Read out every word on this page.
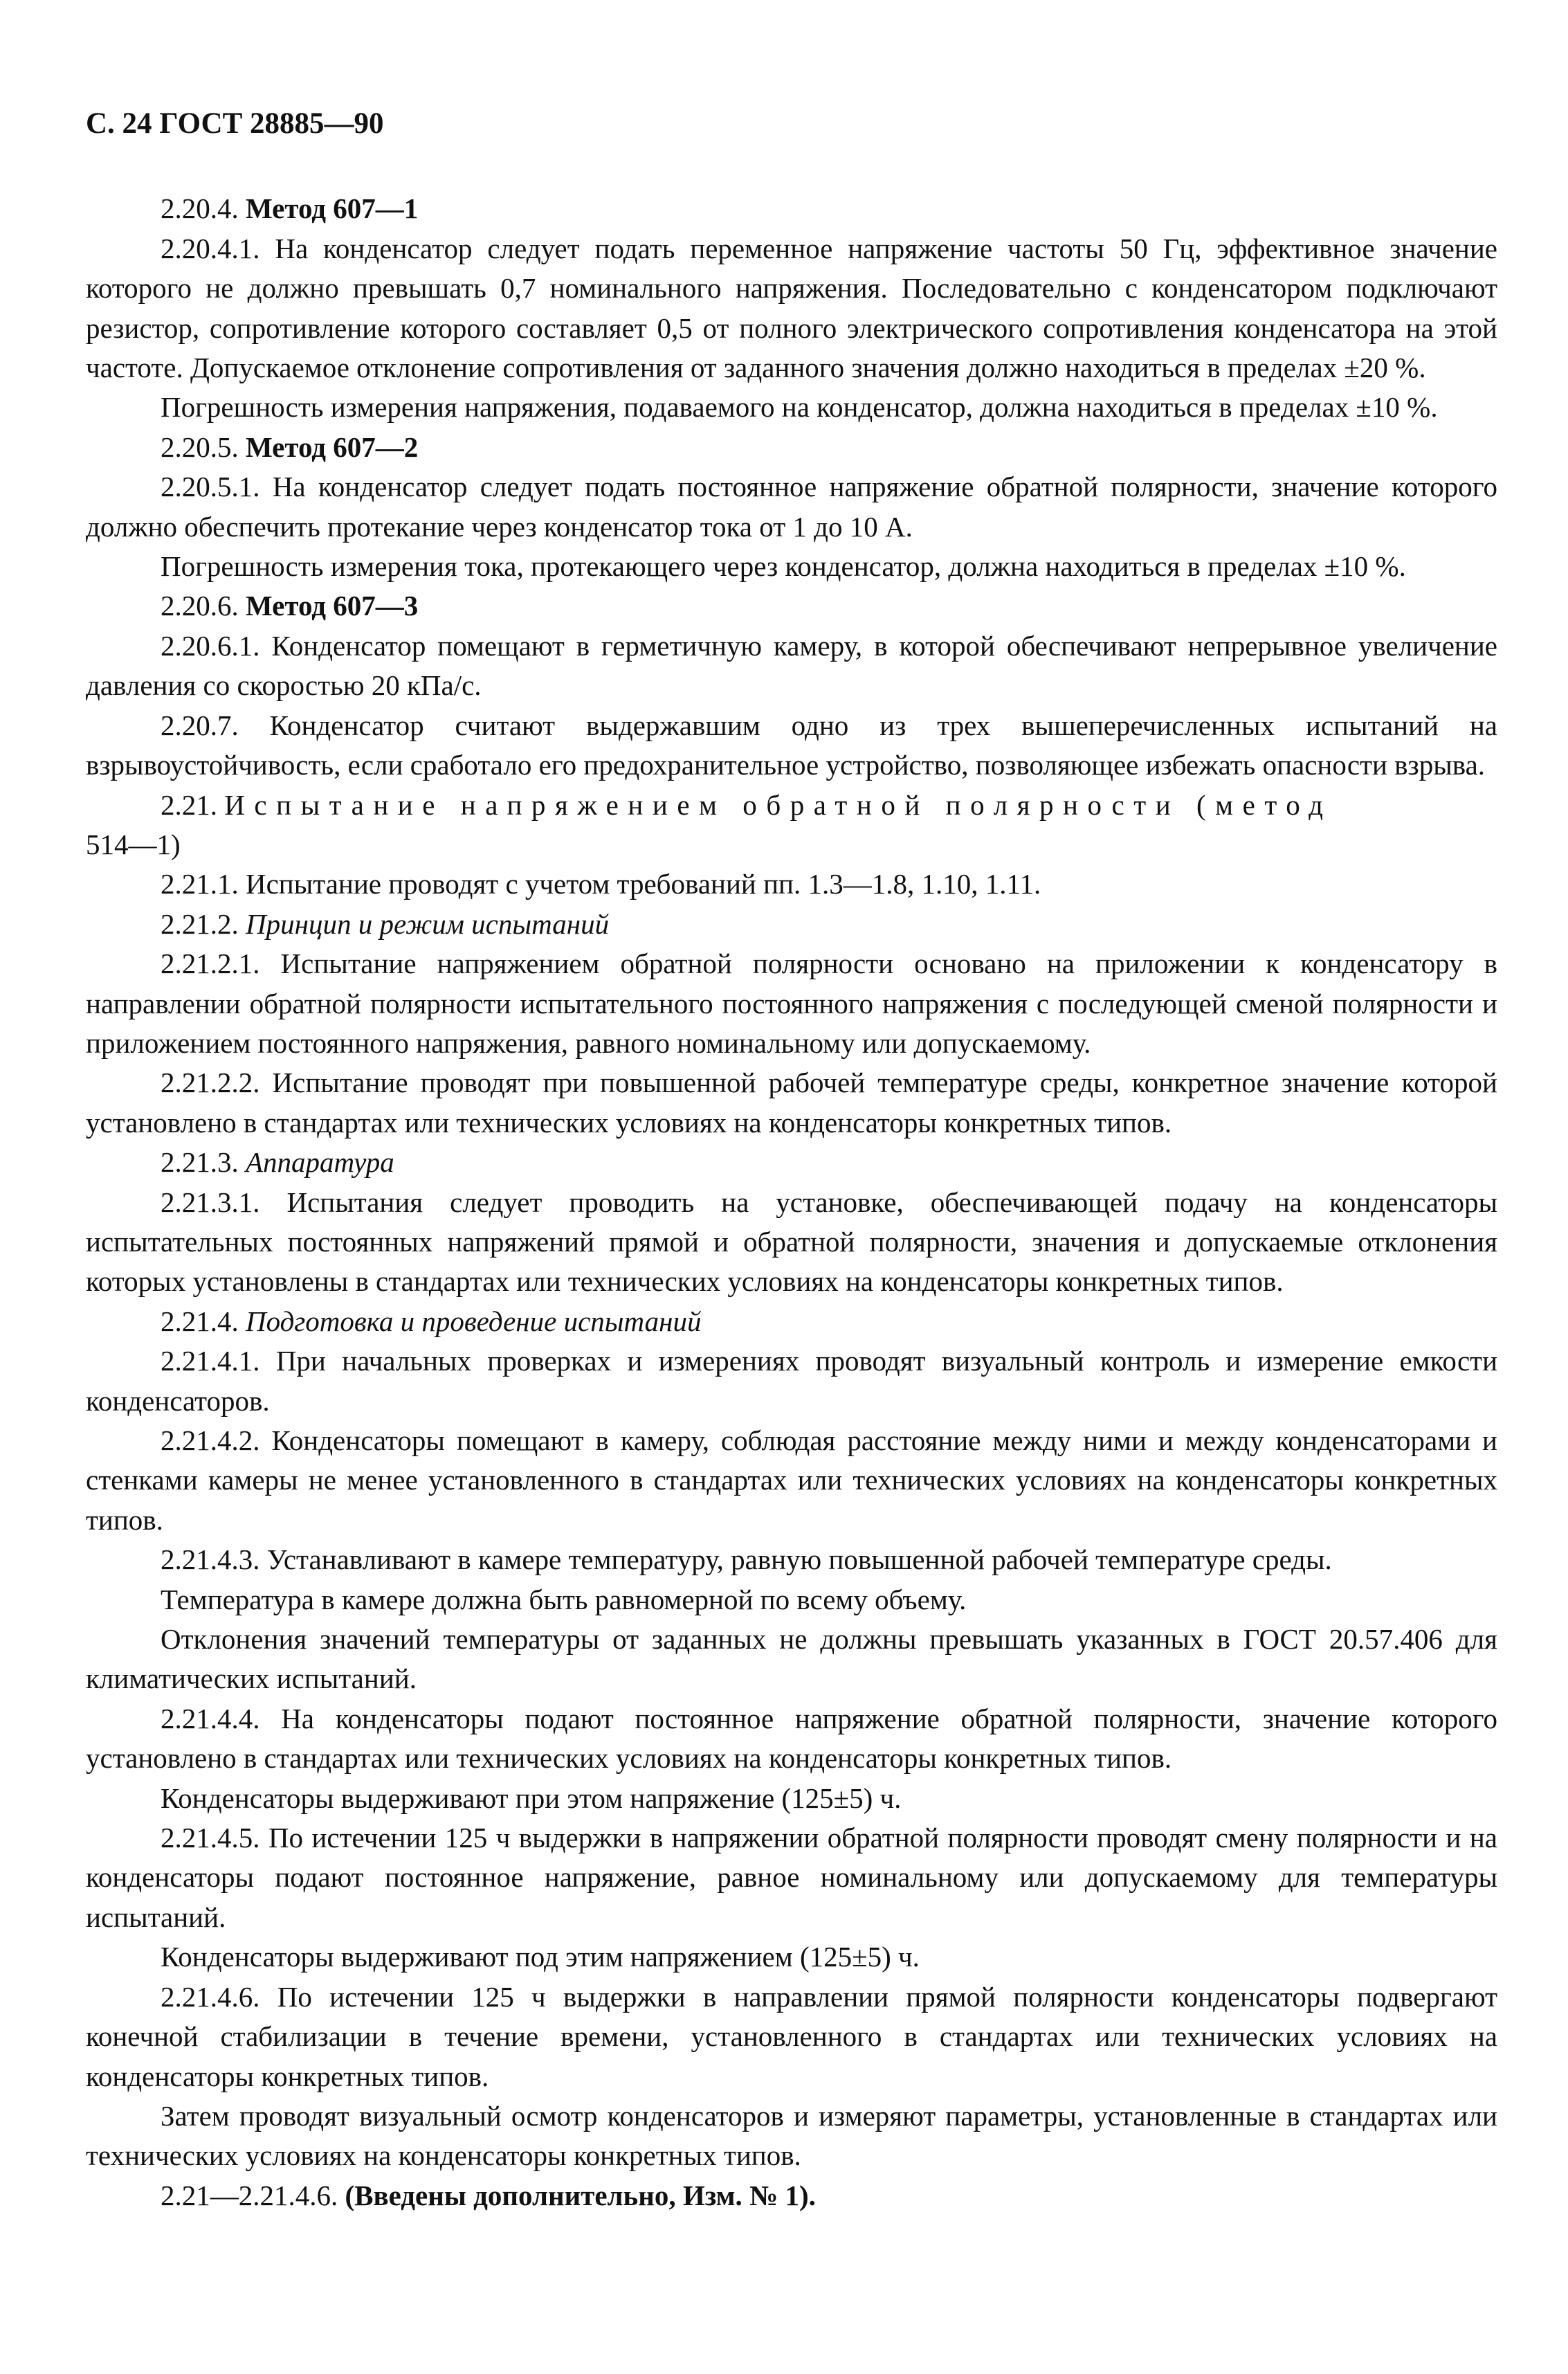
С. 24 ГОСТ 28885—90

2.20.4. Метод 607—1

2.20.4.1. На конденсатор следует подать переменное напряжение частоты 50 Гц, эффективное значение которого не должно превышать 0,7 номинального напряжения. Последовательно с конденсатором подключают резистор, сопротивление которого составляет 0,5 от полного электрического сопротивления конденсатора на этой частоте. Допускаемое отклонение сопротивления от заданного значения должно находиться в пределах ±20 %.

Погрешность измерения напряжения, подаваемого на конденсатор, должна находиться в пределах ±10 %.

2.20.5. Метод 607—2

2.20.5.1. На конденсатор следует подать постоянное напряжение обратной полярности, значение которого должно обеспечить протекание через конденсатор тока от 1 до 10 А.

Погрешность измерения тока, протекающего через конденсатор, должна находиться в пределах ±10 %.

2.20.6. Метод 607—3

2.20.6.1. Конденсатор помещают в герметичную камеру, в которой обеспечивают непрерывное увеличение давления со скоростью 20 кПа/с.

2.20.7. Конденсатор считают выдержавшим одно из трех вышеперечисленных испытаний на взрывоустойчивость, если сработало его предохранительное устройство, позволяющее избежать опасности взрыва.

2.21. Испытание напряжением обратной полярности (метод
514—1)

2.21.1. Испытание проводят с учетом требований пп. 1.3—1.8, 1.10, 1.11.

2.21.2. Принцип и режим испытаний

2.21.2.1. Испытание напряжением обратной полярности основано на приложении к конденсатору в направлении обратной полярности испытательного постоянного напряжения с последующей сменой полярности и приложением постоянного напряжения, равного номинальному или допускаемому.

2.21.2.2. Испытание проводят при повышенной рабочей температуре среды, конкретное значение которой установлено в стандартах или технических условиях на конденсаторы конкретных типов.

2.21.3. Аппаратура

2.21.3.1. Испытания следует проводить на установке, обеспечивающей подачу на конденсаторы испытательных постоянных напряжений прямой и обратной полярности, значения и допускаемые отклонения которых установлены в стандартах или технических условиях на конденсаторы конкретных типов.

2.21.4. Подготовка и проведение испытаний

2.21.4.1. При начальных проверках и измерениях проводят визуальный контроль и измерение емкости конденсаторов.

2.21.4.2. Конденсаторы помещают в камеру, соблюдая расстояние между ними и между конденсаторами и стенками камеры не менее установленного в стандартах или технических условиях на конденсаторы конкретных типов.

2.21.4.3. Устанавливают в камере температуру, равную повышенной рабочей температуре среды.

Температура в камере должна быть равномерной по всему объему.

Отклонения значений температуры от заданных не должны превышать указанных в ГОСТ 20.57.406 для климатических испытаний.

2.21.4.4. На конденсаторы подают постоянное напряжение обратной полярности, значение которого установлено в стандартах или технических условиях на конденсаторы конкретных типов.

Конденсаторы выдерживают при этом напряжение (125±5) ч.

2.21.4.5. По истечении 125 ч выдержки в напряжении обратной полярности проводят смену полярности и на конденсаторы подают постоянное напряжение, равное номинальному или допускаемому для температуры испытаний.

Конденсаторы выдерживают под этим напряжением (125±5) ч.

2.21.4.6. По истечении 125 ч выдержки в направлении прямой полярности конденсаторы подвергают конечной стабилизации в течение времени, установленного в стандартах или технических условиях на конденсаторы конкретных типов.

Затем проводят визуальный осмотр конденсаторов и измеряют параметры, установленные в стандартах или технических условиях на конденсаторы конкретных типов.

2.21—2.21.4.6. (Введены дополнительно, Изм. № 1).
